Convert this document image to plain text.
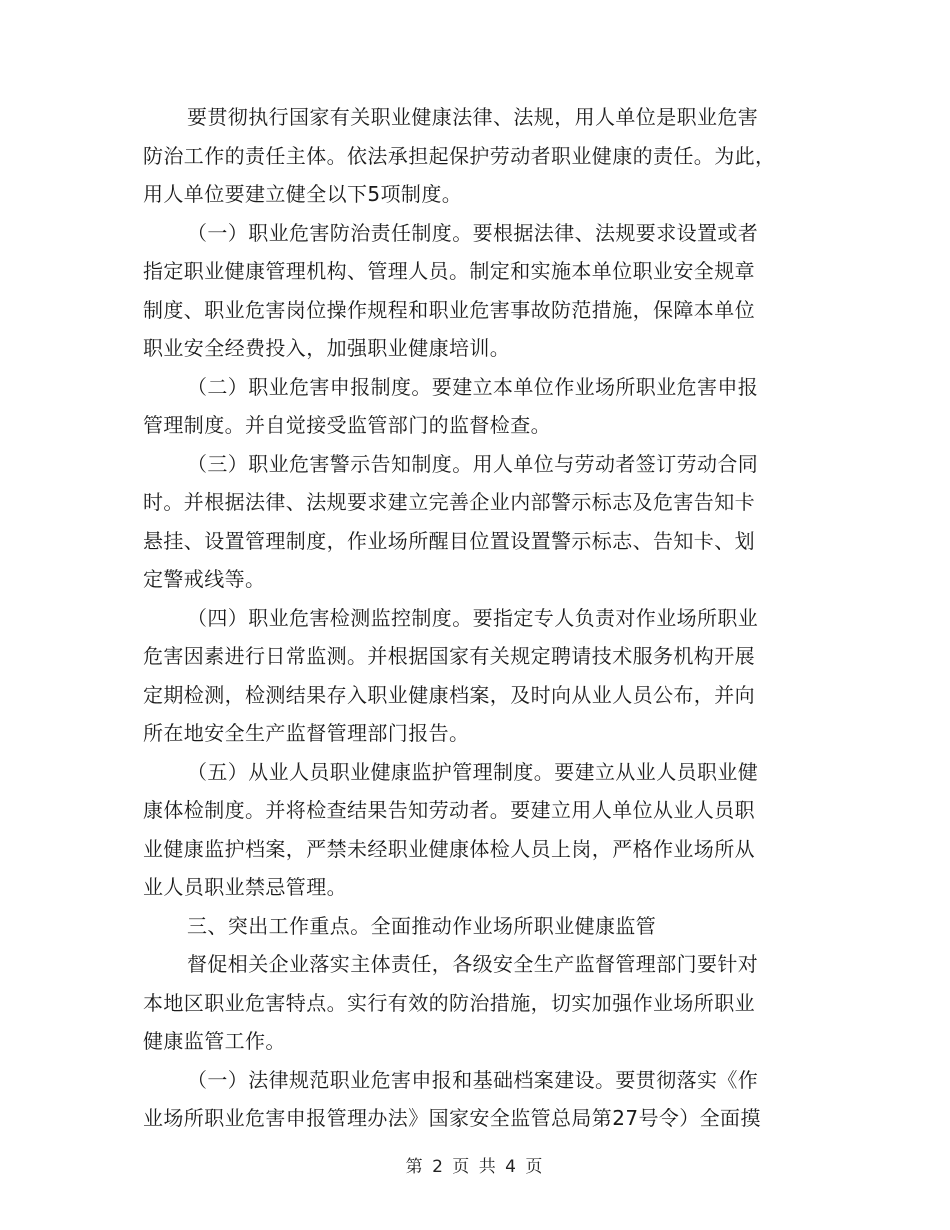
要贯彻执行国家有关职业健康法律、法规，用人单位是职业危害
防治工作的责任主体。依法承担起保护劳动者职业健康的责任。为此，
用人单位要建立健全以下5项制度。

（一）职业危害防治责任制度。要根据法律、法规要求设置或者
指定职业健康管理机构、管理人员。制定和实施本单位职业安全规章
制度、职业危害岗位操作规程和职业危害事故防范措施，保障本单位
职业安全经费投入，加强职业健康培训。

（二）职业危害申报制度。要建立本单位作业场所职业危害申报
管理制度。并自觉接受监管部门的监督检查。

（三）职业危害警示告知制度。用人单位与劳动者签订劳动合同
时。并根据法律、法规要求建立完善企业内部警示标志及危害告知卡
悬挂、设置管理制度，作业场所醒目位置设置警示标志、告知卡、划
定警戒线等。

（四）职业危害检测监控制度。要指定专人负责对作业场所职业
危害因素进行日常监测。并根据国家有关规定聘请技术服务机构开展
定期检测，检测结果存入职业健康档案，及时向从业人员公布，并向
所在地安全生产监督管理部门报告。

（五）从业人员职业健康监护管理制度。要建立从业人员职业健
康体检制度。并将检查结果告知劳动者。要建立用人单位从业人员职
业健康监护档案，严禁未经职业健康体检人员上岗，严格作业场所从
业人员职业禁忌管理。

三、突出工作重点。全面推动作业场所职业健康监管

督促相关企业落实主体责任，各级安全生产监督管理部门要针对
本地区职业危害特点。实行有效的防治措施，切实加强作业场所职业
健康监管工作。

（一）法律规范职业危害申报和基础档案建设。要贯彻落实《作
业场所职业危害申报管理办法》国家安全监管总局第27号令）全面摸

第 2 页 共 4 页
